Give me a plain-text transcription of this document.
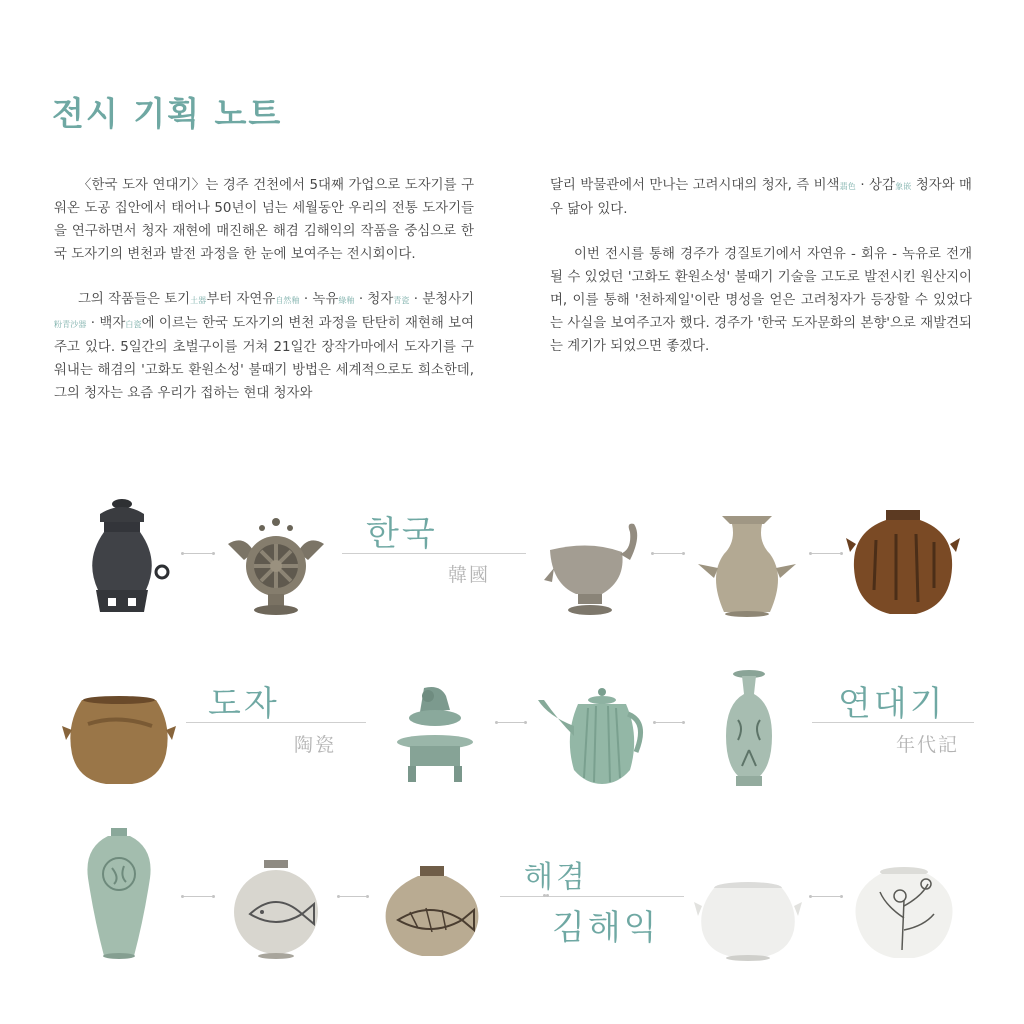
전시 기획 노트

〈한국 도자 연대기〉는 경주 건천에서 5대째 가업으로 도자기를 구워온 도공 집안에서 태어나 50년이 넘는 세월동안 우리의 전통 도자기들을 연구하면서 청자 재현에 매진해온 해겸 김해익의 작품을 중심으로 한국 도자기의 변천과 발전 과정을 한 눈에 보여주는 전시회이다.

그의 작품들은 토기土器부터 자연유自然釉 · 녹유綠釉 · 청자青瓷 · 분청사기粉青沙器 · 백자白瓷에 이르는 한국 도자기의 변천 과정을 탄탄히 재현해 보여주고 있다. 5일간의 초벌구이를 거쳐 21일간 장작가마에서 도자기를 구워내는 해겸의 '고화도 환원소성' 불때기 방법은 세계적으로도 희소한데, 그의 청자는 요즘 우리가 접하는 현대 청자와

달리 박물관에서 만나는 고려시대의 청자, 즉 비색翡色 · 상감象嵌 청자와 매우 닮아 있다.

이번 전시를 통해 경주가 경질토기에서 자연유 - 회유 - 녹유로 전개될 수 있었던 '고화도 환원소성' 불때기 기술을 고도로 발전시킨 원산지이며, 이를 통해 '천하제일'이란 명성을 얻은 고려청자가 등장할 수 있었다는 사실을 보여주고자 했다. 경주가 '한국 도자문화의 본향'으로 재발견되는 계기가 되었으면 좋겠다.

한국
韓國
도자
陶瓷
연대기
年代記
해겸
김해익
